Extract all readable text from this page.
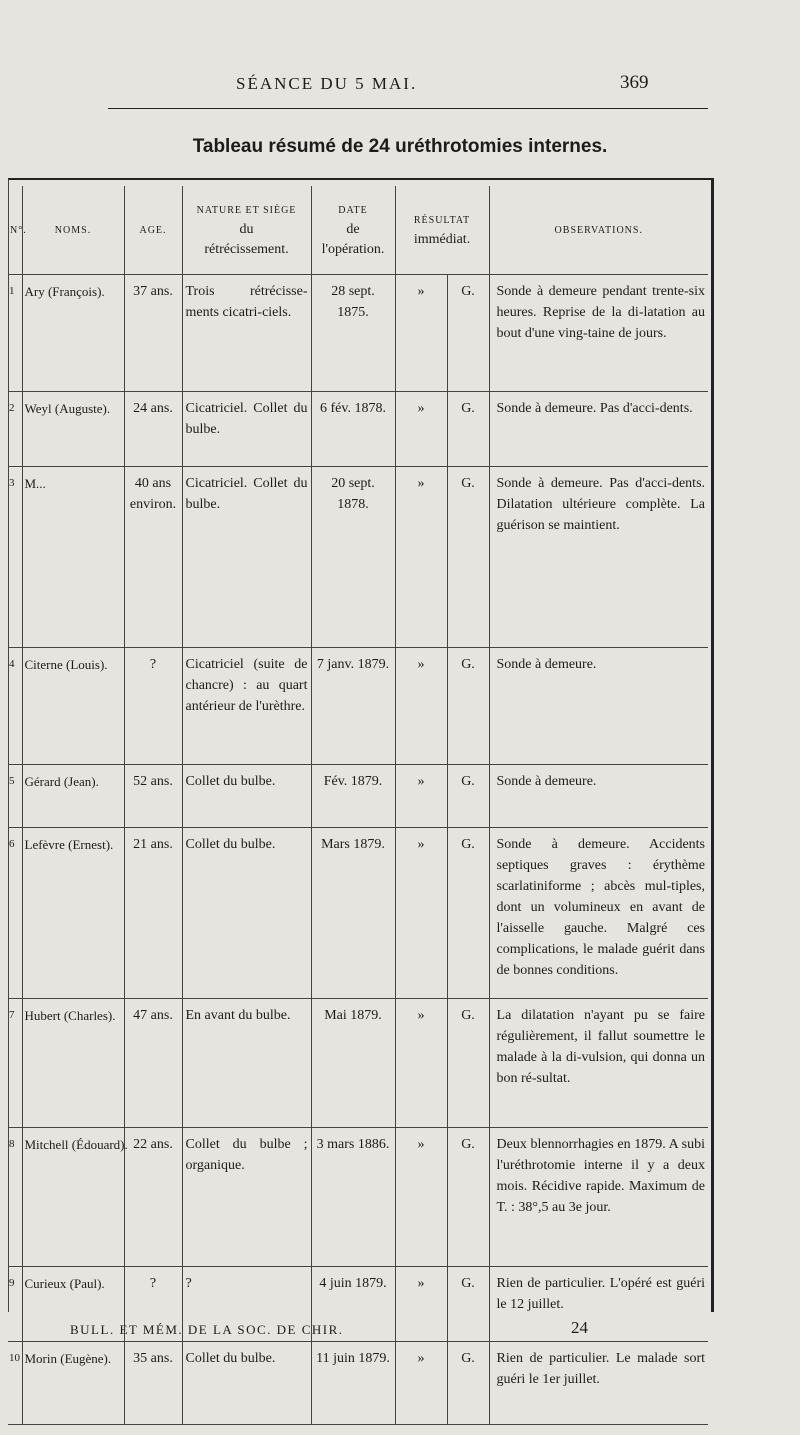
SÉANCE DU 5 MAI.	369
Tableau résumé de 24 uréthrotomies internes.
N°.	NOMS.	AGE.	NATURE ET SIÈGE
du
rétrécissement.	DATE
de
l'opération.	RÉSULTAT
immédiat.		OBSERVATIONS.
1	Ary (François).	37 ans.	Trois rétrécisse-ments cicatri-ciels.	28 sept. 1875.	»	G.	Sonde à demeure pendant trente-six heures. Reprise de la di-latation au bout d'une ving-taine de jours.
2	Weyl (Auguste).	24 ans.	Cicatriciel. Collet du bulbe.	6 fév. 1878.	»	G.	Sonde à demeure. Pas d'acci-dents.
3	M...	40 ans environ.	Cicatriciel. Collet du bulbe.	20 sept. 1878.	»	G.	Sonde à demeure. Pas d'acci-dents. Dilatation ultérieure complète. La guérison se maintient.
4	Citerne (Louis).	?	Cicatriciel (suite de chancre) : au quart antérieur de l'urèthre.	7 janv. 1879.	»	G.	Sonde à demeure.
5	Gérard (Jean).	52 ans.	Collet du bulbe.	Fév. 1879.	»	G.	Sonde à demeure.
6	Lefèvre (Ernest).	21 ans.	Collet du bulbe.	Mars 1879.	»	G.	Sonde à demeure. Accidents septiques graves : érythème scarlatiniforme ; abcès mul-tiples, dont un volumineux en avant de l'aisselle gauche. Malgré ces complications, le malade guérit dans de bonnes conditions.
7	Hubert (Charles).	47 ans.	En avant du bulbe.	Mai 1879.	»	G.	La dilatation n'ayant pu se faire régulièrement, il fallut soumettre le malade à la di-vulsion, qui donna un bon ré-sultat.
8	Mitchell (Édouard).	22 ans.	Collet du bulbe ; organique.	3 mars 1886.	»	G.	Deux blennorrhagies en 1879. A subi l'uréthrotomie interne il y a deux mois. Récidive rapide. Maximum de T. : 38°,5 au 3e jour.
9	Curieux (Paul).	?	?	4 juin 1879.	»	G.	Rien de particulier. L'opéré est guéri le 12 juillet.
10	Morin (Eugène).	35 ans.	Collet du bulbe.	11 juin 1879.	»	G.	Rien de particulier. Le malade sort guéri le 1er juillet.
BULL. ET MÉM. DE LA SOC. DE CHIR.	24
